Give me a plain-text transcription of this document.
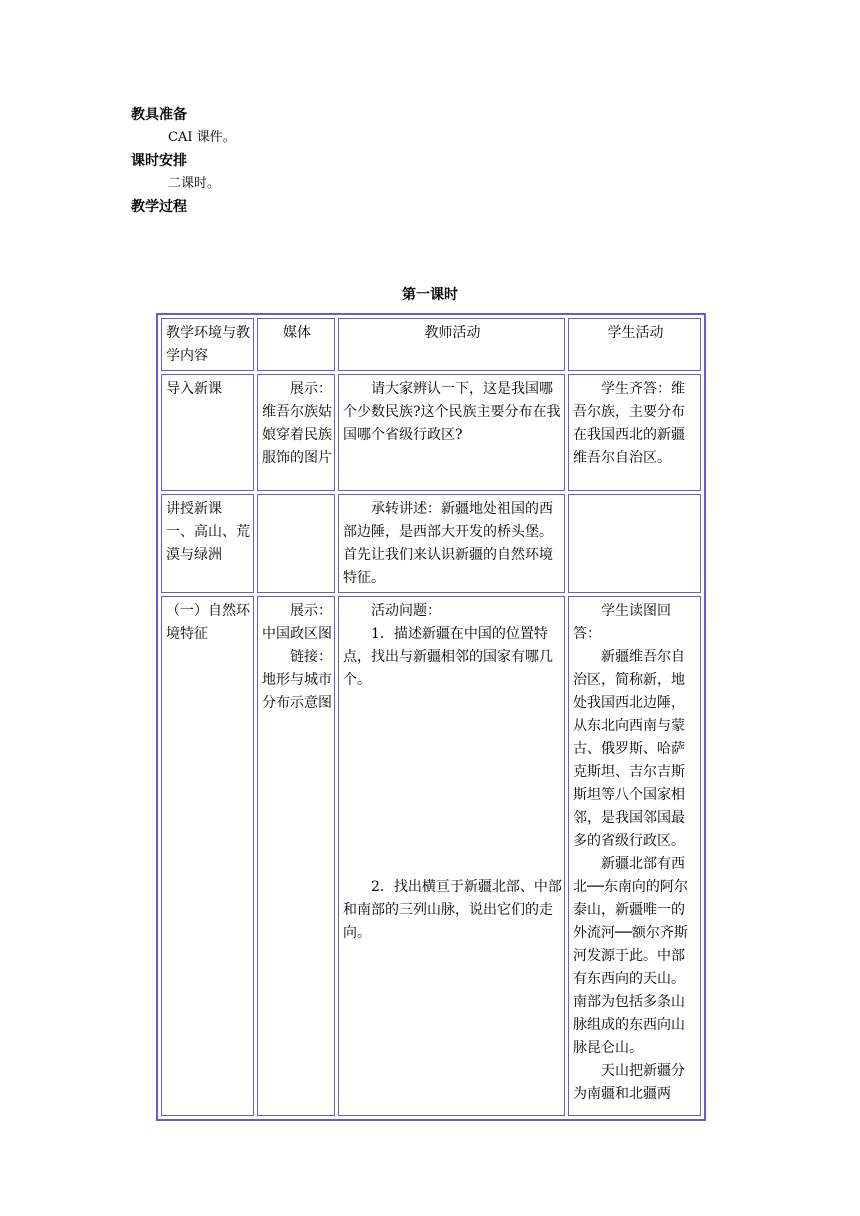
教具准备
CAI 课件。
课时安排
二课时。
教学过程
第一课时
教学环境与教学内容	媒体	教师活动	学生活动
导入新课	　　展示：维吾尔族姑娘穿着民族服饰的图片	　　请大家辨认一下，这是我国哪个少数民族?这个民族主要分布在我国哪个省级行政区?	　　学生齐答：维吾尔族，主要分布在我国西北的新疆维吾尔自治区。
讲授新课
一、高山、荒漠与绿洲		　　承转讲述：新疆地处祖国的西部边陲，是西部大开发的桥头堡。首先让我们来认识新疆的自然环境特征。	
（一）自然环境特征	　　展示：中国政区图
　　链接：地形与城市分布示意图	　　活动问题：
　　1．描述新疆在中国的位置特点，找出与新疆相邻的国家有哪几个。

　　2．找出横亘于新疆北部、中部和南部的三列山脉，说出它们的走向。	　　学生读图回答：
　　新疆维吾尔自治区，简称新，地处我国西北边陲，从东北向西南与蒙古、俄罗斯、哈萨克斯坦、吉尔吉斯斯坦等八个国家相邻，是我国邻国最多的省级行政区。
　　新疆北部有西北──东南向的阿尔泰山，新疆唯一的外流河──额尔齐斯河发源于此。中部有东西向的天山。南部为包括多条山脉组成的东西向山脉昆仑山。
　　天山把新疆分为南疆和北疆两
